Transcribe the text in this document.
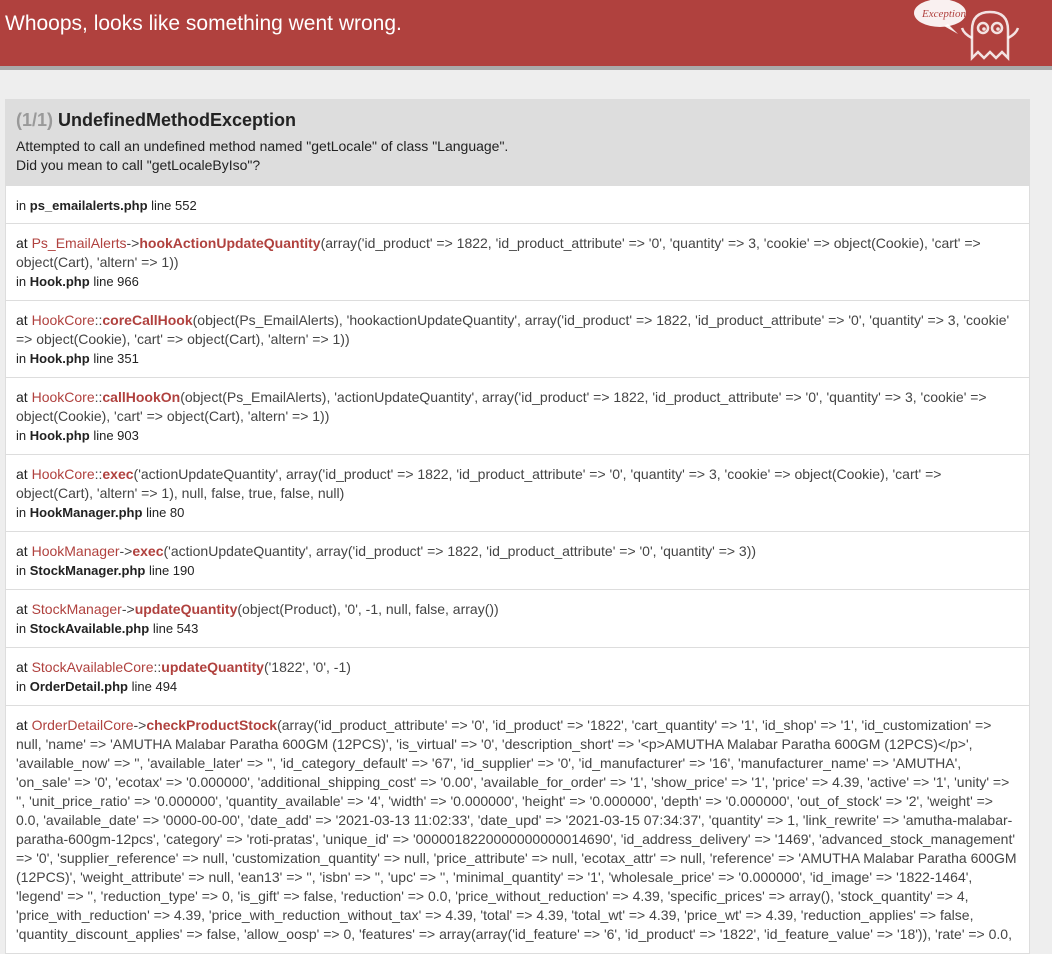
Whoops, looks like something went wrong.	Exception!
(1/1) UndefinedMethodException
Attempted to call an undefined method named "getLocale" of class "Language".
Did you mean to call "getLocaleByIso"?
in ps_emailalerts.php line 552
at Ps_EmailAlerts->hookActionUpdateQuantity(array('id_product' => 1822, 'id_product_attribute' => '0', 'quantity' => 3, 'cookie' => object(Cookie), 'cart' => object(Cart), 'altern' => 1))
in Hook.php line 966
at HookCore::coreCallHook(object(Ps_EmailAlerts), 'hookactionUpdateQuantity', array('id_product' => 1822, 'id_product_attribute' => '0', 'quantity' => 3, 'cookie' => object(Cookie), 'cart' => object(Cart), 'altern' => 1))
in Hook.php line 351
at HookCore::callHookOn(object(Ps_EmailAlerts), 'actionUpdateQuantity', array('id_product' => 1822, 'id_product_attribute' => '0', 'quantity' => 3, 'cookie' => object(Cookie), 'cart' => object(Cart), 'altern' => 1))
in Hook.php line 903
at HookCore::exec('actionUpdateQuantity', array('id_product' => 1822, 'id_product_attribute' => '0', 'quantity' => 3, 'cookie' => object(Cookie), 'cart' => object(Cart), 'altern' => 1), null, false, true, false, null)
in HookManager.php line 80
at HookManager->exec('actionUpdateQuantity', array('id_product' => 1822, 'id_product_attribute' => '0', 'quantity' => 3))
in StockManager.php line 190
at StockManager->updateQuantity(object(Product), '0', -1, null, false, array())
in StockAvailable.php line 543
at StockAvailableCore::updateQuantity('1822', '0', -1)
in OrderDetail.php line 494
at OrderDetailCore->checkProductStock(array('id_product_attribute' => '0', 'id_product' => '1822', 'cart_quantity' => '1', 'id_shop' => '1', 'id_customization' => null, 'name' => 'AMUTHA Malabar Paratha 600GM (12PCS)', 'is_virtual' => '0', 'description_short' => '<p>AMUTHA Malabar Paratha 600GM (12PCS)</p>', 'available_now' => '', 'available_later' => '', 'id_category_default' => '67', 'id_supplier' => '0', 'id_manufacturer' => '16', 'manufacturer_name' => 'AMUTHA', 'on_sale' => '0', 'ecotax' => '0.000000', 'additional_shipping_cost' => '0.00', 'available_for_order' => '1', 'show_price' => '1', 'price' => 4.39, 'active' => '1', 'unity' => '', 'unit_price_ratio' => '0.000000', 'quantity_available' => '4', 'width' => '0.000000', 'height' => '0.000000', 'depth' => '0.000000', 'out_of_stock' => '2', 'weight' => 0.0, 'available_date' => '0000-00-00', 'date_add' => '2021-03-13 11:02:33', 'date_upd' => '2021-03-15 07:34:37', 'quantity' => 1, 'link_rewrite' => 'amutha-malabar-paratha-600gm-12pcs', 'category' => 'roti-pratas', 'unique_id' => '0000018220000000000014690', 'id_address_delivery' => '1469', 'advanced_stock_management' => '0', 'supplier_reference' => null, 'customization_quantity' => null, 'price_attribute' => null, 'ecotax_attr' => null, 'reference' => 'AMUTHA Malabar Paratha 600GM (12PCS)', 'weight_attribute' => null, 'ean13' => '', 'isbn' => '', 'upc' => '', 'minimal_quantity' => '1', 'wholesale_price' => '0.000000', 'id_image' => '1822-1464', 'legend' => '', 'reduction_type' => 0, 'is_gift' => false, 'reduction' => 0.0, 'price_without_reduction' => 4.39, 'specific_prices' => array(), 'stock_quantity' => 4, 'price_with_reduction' => 4.39, 'price_with_reduction_without_tax' => 4.39, 'total' => 4.39, 'total_wt' => 4.39, 'price_wt' => 4.39, 'reduction_applies' => false, 'quantity_discount_applies' => false, 'allow_oosp' => 0, 'features' => array(array('id_feature' => '6', 'id_product' => '1822', 'id_feature_value' => '18')), 'rate' => 0.0,
